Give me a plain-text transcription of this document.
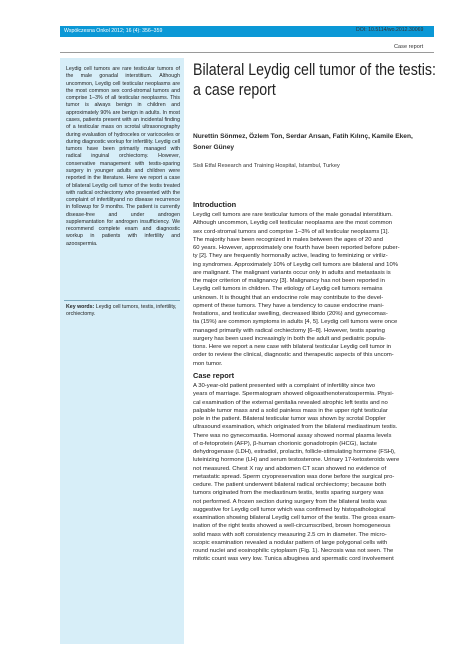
Współczesna Onkol 2012; 16 (4): 356–359	DOI: 10.5114/wo.2012.30069
Case report
Leydig cell tumors are rare testicular tumors of the male gonadal interstitium. Although uncommon, Leydig cell testicular neoplasms are the most common sex cord-stromal tumors and comprise 1–3% of all testicular neoplasms. This tumor is always benign in children and approximately 90% are benign in adults. In most cases, patients present with an incidental finding of a testicular mass on scrotal ultrasonography during evaluation of hydroceles or varicoceles or during diagnostic workup for infertility. Leydig cell tumors have been primarily managed with radical inguinal orchiectomy. However, conservative management with testis-sparing surgery in younger adults and children were reported in the literature. Here we report a case of bilateral Leydig cell tumor of the testis treated with radical orchiectomy who presented with the complaint of infertilityand no disease recurrence in followup for 9 months. The patient is currently disease-free and under androgen supplemantation for androgen insufficiency. We recommend complete exam and diagnostic workup in patients with infertility and azoospermia.
Key words: Leydig cell tumors, testis, infertility, orchiectomy.
Bilateral Leydig cell tumor of the testis:
a case report
Nurettin Sönmez, Özlem Ton, Serdar Arısan, Fatih Kılınç, Kamile Eken,
Soner Güney
Sisli Etfal Research and Training Hospital, Istambul, Turkey
Introduction
Leydig cell tumors are rare testicular tumors of the male gonadal interstitium.
Although uncommon, Leydig cell testicular neoplasms are the most common
sex cord-stromal tumors and comprise 1–3% of all testicular neoplasms [1].
The majority have been recognized in males between the ages of 20 and
60 years. However, approximately one fourth have been reported before puber-
ty [2]. They are frequently hormonally active, leading to feminizing or viriliz-
ing syndromes. Approximately 10% of Leydig cell tumors are bilateral and 10%
are malignant. The malignant variants occur only in adults and metastasis is
the major criterion of malignancy [3]. Malignancy has not been reported in
Leydig cell tumors in children. The etiology of Leydig cell tumors remains
unknown. It is thought that an endocrine role may contribute to the devel-
opment of these tumors. They have a tendency to cause endocrine mani-
festations, and testicular swelling, decreased libido (20%) and gynecomas-
tia (15%) are common symptoms in adults [4, 5]. Leydig cell tumors were once
managed primarily with radical orchiectomy [6–8]. However, testis sparing
surgery has been used increasingly in both the adult and pediatric popula-
tions. Here we report a new case with bilateral testicular Leydig cell tumor in
order to review the clinical, diagnostic and therapeutic aspects of this uncom-
mon tumor.
Case report
A 30-year-old patient presented with a complaint of infertility since two
years of marriage. Spermatogram showed oligoasthenoteratospermia. Physi-
cal examination of the external genitalia revealed atrophic left testis and no
palpable tumor mass and a solid painless mass in the upper right testicular
pole in the patient. Bilateral testicular tumor was shown by scrotal Doppler
ultrasound examination, which originated from the bilateral mediastinum testis.
There was no gynecomastia. Hormonal assay showed normal plasma levels
of α-fetoprotein (AFP), β-human chorionic gonadotropin (HCG), lactate
dehydrogenase (LDH), estradiol, prolactin, follicle-stimulating hormone (FSH),
luteinizing hormone (LH) and serum testosterone. Urinary 17-ketosteroids were
not measured. Chest X ray and abdomen CT scan showed no evidence of
metastatic spread. Sperm cryopreservation was done before the surgical pro-
cedure. The patient underwent bilateral radical orchiectomy; because both
tumors originated from the mediastinum testis, testis sparing surgery was
not performed. A frozen section during surgery from the bilateral testis was
suggestive for Leydig cell tumor which was confirmed by histopathological
examination showing bilateral Leydig cell tumor of the testis. The gross exam-
ination of the right testis showed a well-circumscribed, brown homogeneous
solid mass with soft consistency measuring 2.5 cm in diameter. The micro-
scopic examination revealed a nodular pattern of large polygonal cells with
round nuclei and eosinophilic cytoplasm (Fig. 1). Necrosis was not seen. The
mitotic count was very low. Tunica albuginea and spermatic cord involvement
